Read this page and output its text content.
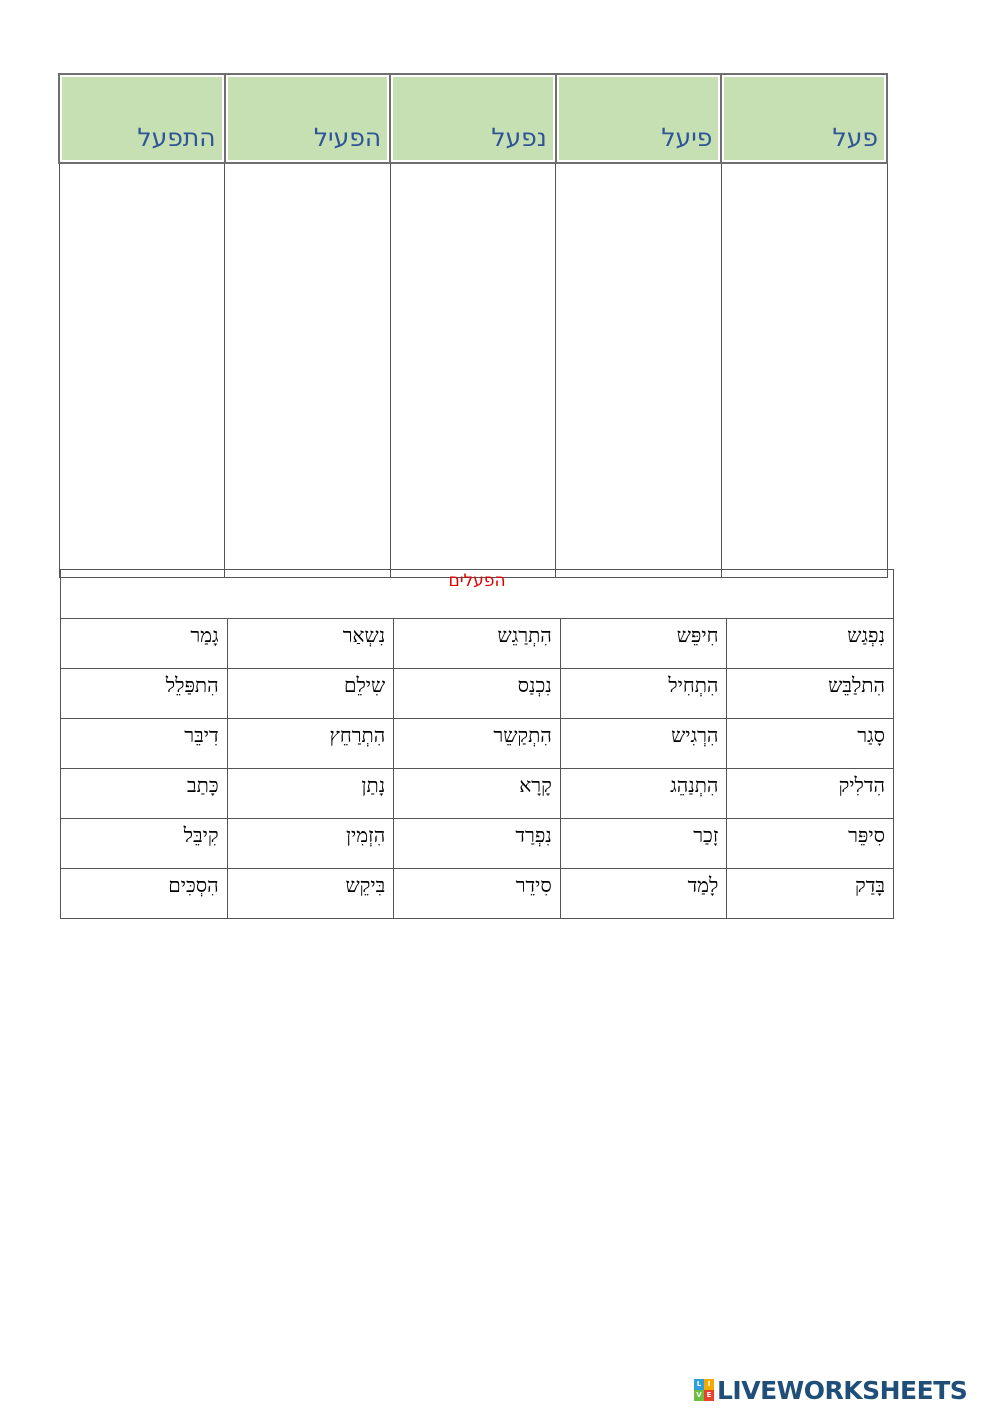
פעל	פיעל	נפעל	הפעיל	התפעל

הפעלים				
נִפְגַש	חִיפֵּש	הִתְרַגֵש	נִשְאַר	גָמַר
הִתלַבֵּש	הִתְחִיל	נִכְנַס	שִילֵם	הִתפַּלֵל
סָגַר	הִרְגִיש	הִתְקַשֵר	הִתְרַחֵץ	דִיבֵּר
הִדלִיק	הִתְנַהֵג	קָרָא	נָתַן	כָּתַב
סִיפֵּר	זָכַר	נִפְרַד	הִזְמִין	קִיבֵּל
בָּדַק	לָמַד	סִידֵר	בִּיקֵש	הִסְכִּים
L I
V E LIVEWORKSHEETS
